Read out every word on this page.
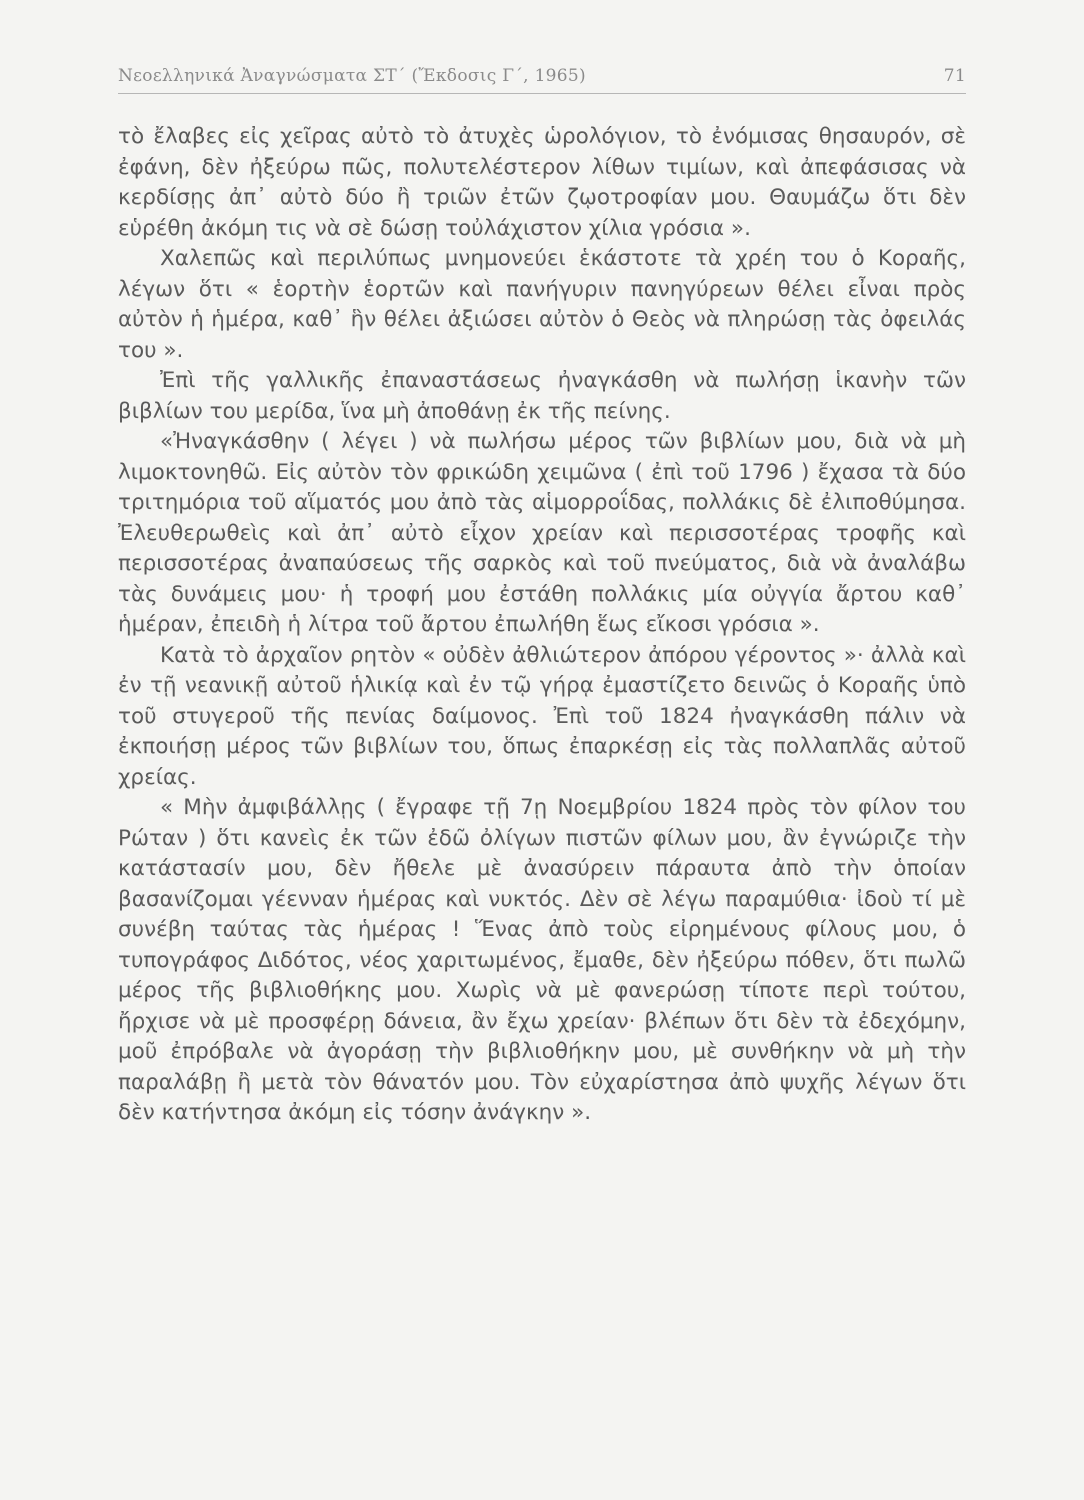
Νεοελληνικά Ἀναγνώσματα ΣΤ΄ (Ἔκδοσις Γ΄, 1965)	71

τὸ ἔλαβες εἰς χεῖρας αὐτὸ τὸ ἀτυχὲς ὡρολόγιον, τὸ ἐνόμισας θησαυρόν, σὲ ἐφάνη, δὲν ἠξεύρω πῶς, πολυτελέστερον λίθων τιμίων, καὶ ἀπεφάσισας νὰ κερδίσῃς ἀπ᾽ αὐτὸ δύο ἢ τριῶν ἐτῶν ζῳοτροφίαν μου. Θαυμάζω ὅτι δὲν εὑρέθη ἀκόμη τις νὰ σὲ δώσῃ τοὐλάχιστον χίλια γρόσια ».

Χαλεπῶς καὶ περιλύπως μνημονεύει ἑκάστοτε τὰ χρέη του ὁ Κοραῆς, λέγων ὅτι « ἑορτὴν ἑορτῶν καὶ πανήγυριν πανηγύρεων θέλει εἶναι πρὸς αὐτὸν ἡ ἡμέρα, καθ᾽ ἣν θέλει ἀξιώσει αὐτὸν ὁ Θεὸς νὰ πληρώσῃ τὰς ὀφειλάς του ».

Ἐπὶ τῆς γαλλικῆς ἐπαναστάσεως ἠναγκάσθη νὰ πωλήσῃ ἱκανὴν τῶν βιβλίων του μερίδα, ἵνα μὴ ἀποθάνῃ ἐκ τῆς πείνης.

«Ἠναγκάσθην ( λέγει ) νὰ πωλήσω μέρος τῶν βιβλίων μου, διὰ νὰ μὴ λιμοκτονηθῶ. Εἰς αὐτὸν τὸν φρικώδη χειμῶνα ( ἐπὶ τοῦ 1796 ) ἔχασα τὰ δύο τριτημόρια τοῦ αἵματός μου ἀπὸ τὰς αἱμορροΐδας, πολλάκις δὲ ἐλιποθύμησα. Ἐλευθερωθεὶς καὶ ἀπ᾽ αὐτὸ εἶχον χρείαν καὶ περισσοτέρας τροφῆς καὶ περισσοτέρας ἀναπαύσεως τῆς σαρκὸς καὶ τοῦ πνεύματος, διὰ νὰ ἀναλάβω τὰς δυνάμεις μου· ἡ τροφή μου ἐστάθη πολλάκις μία οὐγγία ἄρτου καθ᾽ ἡμέραν, ἐπειδὴ ἡ λίτρα τοῦ ἄρτου ἐπωλήθη ἕως εἴκοσι γρόσια ».

Κατὰ τὸ ἀρχαῖον ρητὸν « οὐδὲν ἀθλιώτερον ἀπόρου γέροντος »· ἀλλὰ καὶ ἐν τῇ νεανικῇ αὐτοῦ ἡλικίᾳ καὶ ἐν τῷ γήρᾳ ἐμαστίζετο δεινῶς ὁ Κοραῆς ὑπὸ τοῦ στυγεροῦ τῆς πενίας δαίμονος. Ἐπὶ τοῦ 1824 ἠναγκάσθη πάλιν νὰ ἐκποιήσῃ μέρος τῶν βιβλίων του, ὅπως ἐπαρκέσῃ εἰς τὰς πολλαπλᾶς αὐτοῦ χρείας.

« Μὴν ἀμφιβάλλῃς ( ἔγραφε τῇ 7ῃ Νοεμβρίου 1824 πρὸς τὸν φίλον του Ρώταν ) ὅτι κανεὶς ἐκ τῶν ἐδῶ ὀλίγων πιστῶν φίλων μου, ἂν ἐγνώριζε τὴν κατάστασίν μου, δὲν ἤθελε μὲ ἀνασύρειν πάραυτα ἀπὸ τὴν ὁποίαν βασανίζομαι γέενναν ἡμέρας καὶ νυκτός. Δὲν σὲ λέγω παραμύθια· ἰδοὺ τί μὲ συνέβη ταύτας τὰς ἡμέρας ! Ἕνας ἀπὸ τοὺς εἰρημένους φίλους μου, ὁ τυπογράφος Διδότος, νέος χαριτωμένος, ἔμαθε, δὲν ἠξεύρω πόθεν, ὅτι πωλῶ μέρος τῆς βιβλιοθήκης μου. Χωρὶς νὰ μὲ φανερώσῃ τίποτε περὶ τούτου, ἤρχισε νὰ μὲ προσφέρῃ δάνεια, ἂν ἔχω χρείαν· βλέπων ὅτι δὲν τὰ ἐδεχόμην, μοῦ ἐπρόβαλε νὰ ἀγοράσῃ τὴν βιβλιοθήκην μου, μὲ συνθήκην νὰ μὴ τὴν παραλάβῃ ἢ μετὰ τὸν θάνατόν μου. Τὸν εὐχαρίστησα ἀπὸ ψυχῆς λέγων ὅτι δὲν κατήντησα ἀκόμη εἰς τόσην ἀνάγκην ».
